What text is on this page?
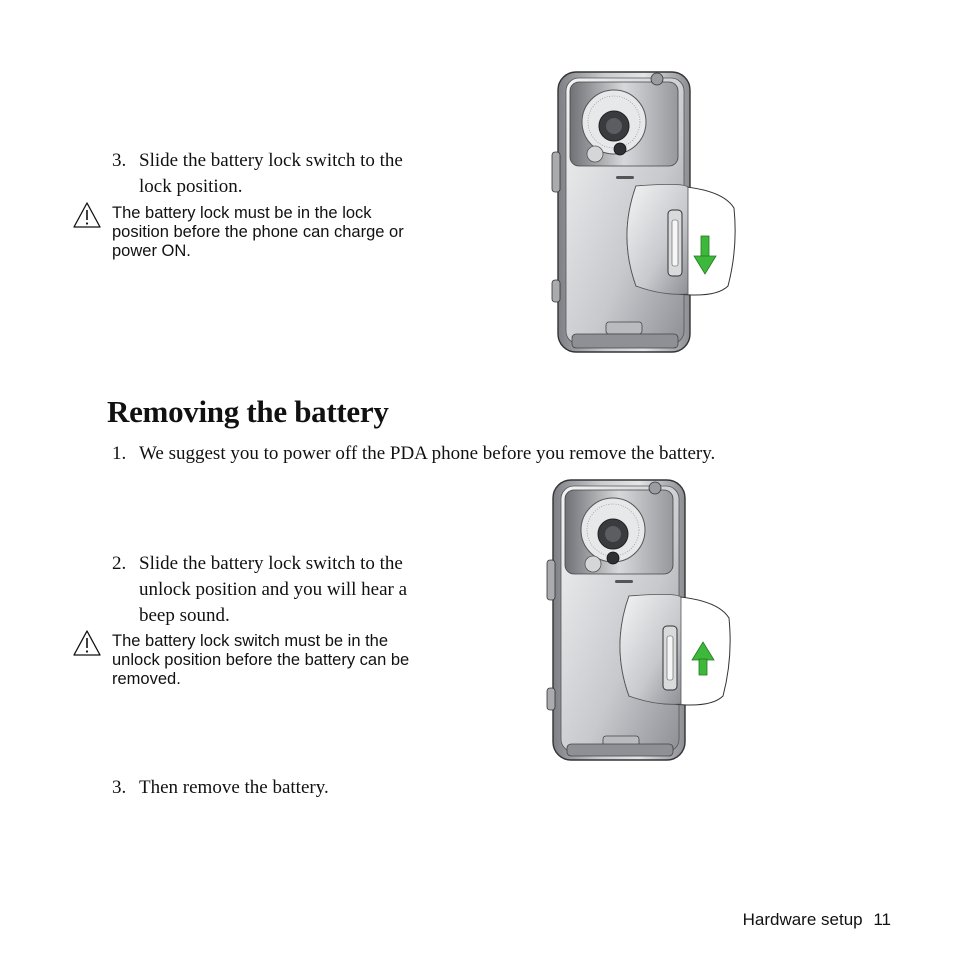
3. Slide the battery lock switch to the
lock position.
The battery lock must be in the lock
position before the phone can charge or
power ON.
Removing the battery
1. We suggest you to power off the PDA phone before you remove the battery.
2. Slide the battery lock switch to the
unlock position and you will hear a
beep sound.
The battery lock switch must be in the
unlock position before the battery can be
removed.
3. Then remove the battery.
Hardware setup 11
